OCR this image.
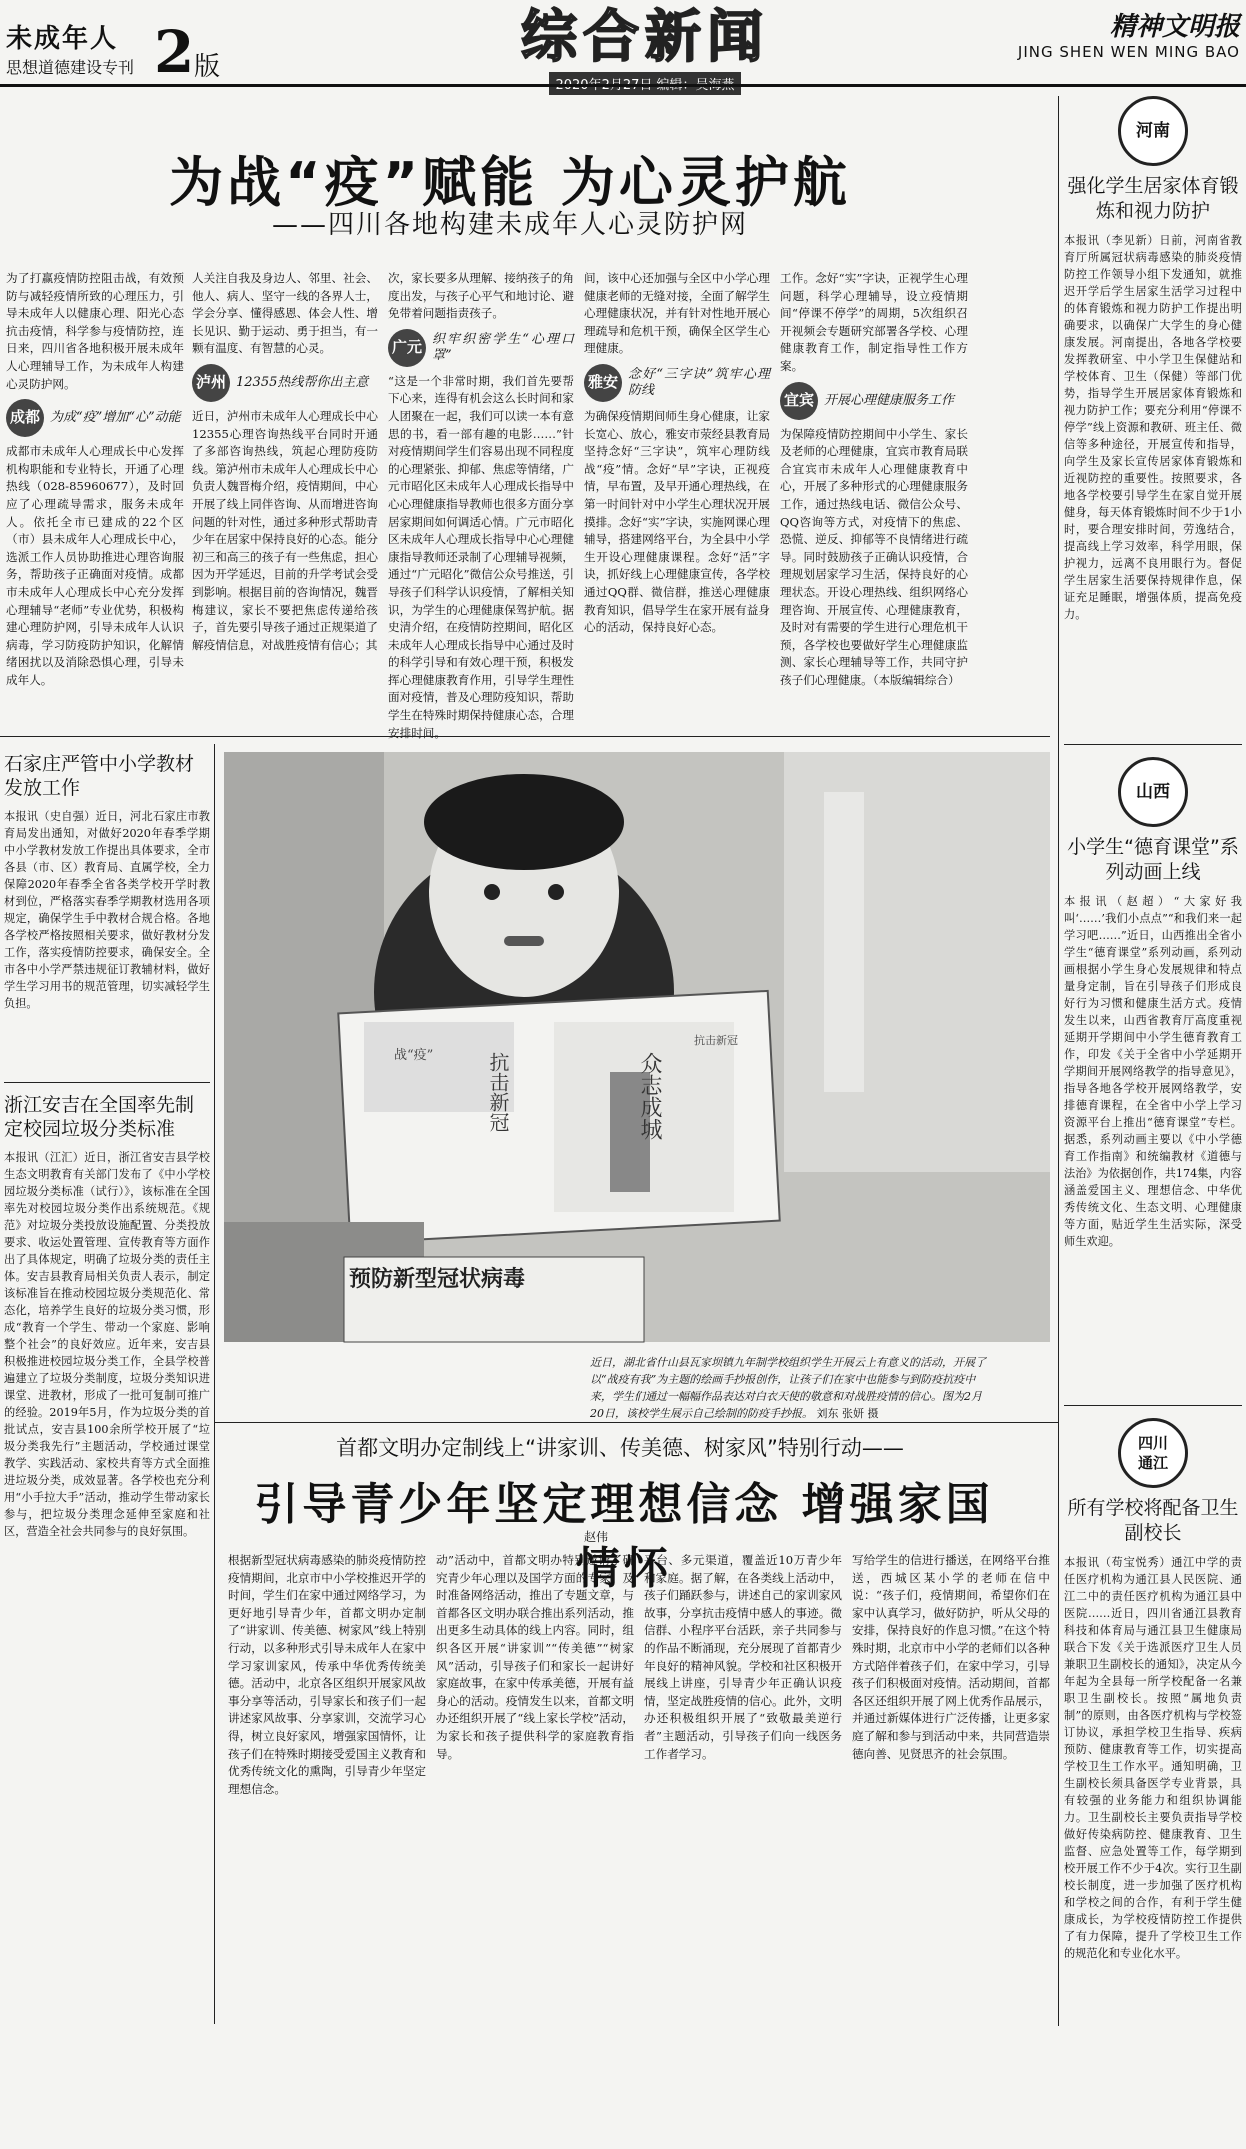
未成年人
思想道德建设专刊 2 版	综合新闻
2020年2月27日 编辑：吴海燕
精神文明报
JING SHEN WEN MING BAO
为战“疫”赋能 为心灵护航
——四川各地构建未成年人心灵防护网
为了打赢疫情防控阻击战，有效预防与减轻疫情所致的心理压力，引导未成年人以健康心理、阳光心态抗击疫情，科学参与疫情防控，连日来，四川省各地积极开展未成年人心理辅导工作，为未成年人构建心灵防护网。
成都 为成“疫”增加“心”动能
成都市未成年人心理成长中心发挥机构职能和专业特长，开通了心理热线（028-85960677），及时回应了心理疏导需求，服务未成年人。依托全市已建成的22个区（市）县未成年人心理成长中心，选派工作人员协助推进心理咨询服务，帮助孩子正确面对疫情。成都市未成年人心理成长中心充分发挥心理辅导“老师”专业优势，积极构建心理防护网，引导未成年人认识病毒，学习防疫防护知识，化解情绪困扰以及消除恐惧心理，引导未成年人。
人关注自我及身边人、邻里、社会、他人、病人、坚守一线的各界人士，学会分享、懂得感恩、体会人性、增长见识、勤于运动、勇于担当，有一颗有温度、有智慧的心灵。
泸州 12355热线帮你出主意
近日，泸州市未成年人心理成长中心12355心理咨询热线平台同时开通了多部咨询热线，筑起心理防疫防线。第泸州市未成年人心理成长中心负责人魏晋梅介绍，疫情期间，中心开展了线上同伴咨询、从而增进咨询问题的针对性，通过多种形式帮助青少年在居家中保持良好的心态。能分初三和高三的孩子有一些焦虑，担心因为开学延迟，目前的升学考试会受到影响。根据目前的咨询情况，魏晋梅建议，家长不要把焦虑传递给孩子，首先要引导孩子通过正规渠道了解疫情信息，对战胜疫情有信心；其
次，家长要多从理解、接纳孩子的角度出发，与孩子心平气和地讨论、避免带着问题指责孩子。
广元 织牢织密学生“心理口罩”
“这是一个非常时期，我们首先要帮下心来，连得有机会这么长时间和家人团聚在一起，我们可以读一本有意思的书，看一部有趣的电影……”针对疫情期间学生们容易出现不同程度的心理紧张、抑郁、焦虑等情绪，广元市昭化区未成年人心理成长指导中心心理健康指导教师也很多方面分享居家期间如何调适心情。广元市昭化区未成年人心理成长指导中心心理健康指导教师还录制了心理辅导视频，通过“广元昭化”微信公众号推送，引导孩子们科学认识疫情，了解相关知识，为学生的心理健康保驾护航。据史清介绍，在疫情防控期间，昭化区未成年人心理成长指导中心通过及时的科学引导和有效心理干预，积极发挥心理健康教育作用，引导学生理性面对疫情，普及心理防疫知识，帮助学生在特殊时期保持健康心态，合理安排时间。
间，该中心还加强与全区中小学心理健康老师的无缝对接，全面了解学生心理健康状况，并有针对性地开展心理疏导和危机干预，确保全区学生心理健康。
雅安 念好“三字诀”筑牢心理防线
为确保疫情期间师生身心健康，让家长宽心、放心，雅安市荥经县教育局坚持念好“三字诀”，筑牢心理防线战“疫”情。念好“早”字诀，正视疫情，早布置，及早开通心理热线，在第一时间针对中小学生心理状况开展摸排。念好“实”字诀，实施网课心理辅导，搭建网络平台，为全县中小学生开设心理健康课程。念好“活”字诀，抓好线上心理健康宣传，各学校通过QQ群、微信群，推送心理健康教育知识，倡导学生在家开展有益身心的活动，保持良好心态。
工作。念好“实”字诀，正视学生心理问题，科学心理辅导，设立疫情期间“停课不停学”的周期，5次组织召开视频会专题研究部署各学校、心理健康教育工作，制定指导性工作方案。
宜宾 开展心理健康服务工作
为保障疫情防控期间中小学生、家长及老师的心理健康，宜宾市教育局联合宜宾市未成年人心理健康教育中心，开展了多种形式的心理健康服务工作，通过热线电话、微信公众号、QQ咨询等方式，对疫情下的焦虑、恐慌、逆反、抑郁等不良情绪进行疏导。同时鼓励孩子正确认识疫情，合理规划居家学习生活，保持良好的心理状态。开设心理热线、组织网络心理咨询、开展宣传、心理健康教育，及时对有需要的学生进行心理危机干预，各学校也要做好学生心理健康监测、家长心理辅导等工作，共同守护孩子们心理健康。（本版编辑综合）
石家庄严管中小学教材发放工作
本报讯（史自强）近日，河北石家庄市教育局发出通知，对做好2020年春季学期中小学教材发放工作提出具体要求，全市各县（市、区）教育局、直属学校，全力保障2020年春季全省各类学校开学时教材到位，严格落实春季学期教材选用各项规定，确保学生手中教材合规合格。各地各学校严格按照相关要求，做好教材分发工作，落实疫情防控要求，确保安全。全市各中小学严禁违规征订教辅材料，做好学生学习用书的规范管理，切实减轻学生负担。
浙江安吉在全国率先制定校园垃圾分类标准
本报讯（江汇）近日，浙江省安吉县学校生态文明教育有关部门发布了《中小学校园垃圾分类标准（试行）》，该标准在全国率先对校园垃圾分类作出系统规范。《规范》对垃圾分类投放设施配置、分类投放要求、收运处置管理、宣传教育等方面作出了具体规定，明确了垃圾分类的责任主体。安吉县教育局相关负责人表示，制定该标准旨在推动校园垃圾分类规范化、常态化，培养学生良好的垃圾分类习惯，形成“教育一个学生、带动一个家庭、影响整个社会”的良好效应。近年来，安吉县积极推进校园垃圾分类工作，全县学校普遍建立了垃圾分类制度，垃圾分类知识进课堂、进教材，形成了一批可复制可推广的经验。2019年5月，作为垃圾分类的首批试点，安吉县100余所学校开展了“垃圾分类我先行”主题活动，学校通过课堂教学、实践活动、家校共育等方式全面推进垃圾分类，成效显著。各学校也充分利用“小手拉大手”活动，推动学生带动家长参与，把垃圾分类理念延伸至家庭和社区，营造全社会共同参与的良好氛围。
抗击新冠	众志成城
战“疫”
抗击新冠
预防新型冠状病毒
近日，湖北省什山县瓦家坝镇九年制学校组织学生开展云上有意义的活动，开展了以“战疫有我”为主题的绘画手抄报创作，让孩子们在家中也能参与到防疫抗疫中来，学生们通过一幅幅作品表达对白衣天使的敬意和对战胜疫情的信心。图为2月20日，该校学生展示自己绘制的防疫手抄报。 刘东 张妍 摄
首都文明办定制线上“讲家训、传美德、树家风”特别行动——
引导青少年坚定理想信念 增强家国情怀
赵伟
根据新型冠状病毒感染的肺炎疫情防控疫情期间，北京市中小学校推迟开学的时间，学生们在家中通过网络学习，为更好地引导青少年，首都文明办定制了“讲家训、传美德、树家风”线上特别行动，以多种形式引导未成年人在家中学习家训家风，传承中华优秀传统美德。活动中，北京各区组织开展家风故事分享等活动，引导家长和孩子们一起讲述家风故事、分享家训，交流学习心得，树立良好家风，增强家国情怀，让孩子们在特殊时期接受爱国主义教育和优秀传统文化的熏陶，引导青少年坚定理想信念。
动”活动中，首都文明办特别邀请了研究青少年心理以及国学方面的专家，及时准备网络活动，推出了专题文章，与首都各区文明办联合推出系列活动，推出更多生动具体的线上内容。同时，组织各区开展“讲家训”“传美德”“树家风”活动，引导孩子们和家长一起讲好家庭故事，在家中传承美德，开展有益身心的活动。疫情发生以来，首都文明办还组织开展了“线上家长学校”活动，为家长和孩子提供科学的家庭教育指导。
平台、多元渠道，覆盖近10万青少年和家庭。据了解，在各类线上活动中，孩子们踊跃参与，讲述自己的家训家风故事，分享抗击疫情中感人的事迹。微信群、小程序平台活跃，亲子共同参与的作品不断涌现，充分展现了首都青少年良好的精神风貌。学校和社区积极开展线上讲座，引导青少年正确认识疫情，坚定战胜疫情的信心。此外，文明办还积极组织开展了“致敬最美逆行者”主题活动，引导孩子们向一线医务工作者学习。
写给学生的信进行播送，在网络平台推送，西城区某小学的老师在信中说：“孩子们，疫情期间，希望你们在家中认真学习，做好防护，听从父母的安排，保持良好的作息习惯。”在这个特殊时期，北京市中小学的老师们以各种方式陪伴着孩子们，在家中学习，引导孩子们积极面对疫情。活动期间，首都各区还组织开展了网上优秀作品展示，并通过新媒体进行广泛传播，让更多家庭了解和参与到活动中来，共同营造崇德向善、见贤思齐的社会氛围。
河南
强化学生居家体育锻炼和视力防护
本报讯（李见新）日前，河南省教育厅所属冠状病毒感染的肺炎疫情防控工作领导小组下发通知，就推迟开学后学生居家生活学习过程中的体育锻炼和视力防护工作提出明确要求，以确保广大学生的身心健康发展。河南提出，各地各学校要发挥教研室、中小学卫生保健站和学校体育、卫生（保健）等部门优势，指导学生开展居家体育锻炼和视力防护工作；要充分利用“停课不停学”线上资源和教研、班主任、微信等多种途径，开展宣传和指导，向学生及家长宣传居家体育锻炼和近视防控的重要性。按照要求，各地各学校要引导学生在家自觉开展健身，每天体育锻炼时间不少于1小时，要合理安排时间，劳逸结合，提高线上学习效率，科学用眼，保护视力，远离不良用眼行为。督促学生居家生活要保持规律作息，保证充足睡眠，增强体质，提高免疫力。
山西
小学生“德育课堂”系列动画上线
本报讯（赵超）“大家好我叫‘……’我们小点点”“和我们来一起学习吧……”近日，山西推出全省小学生“德育课堂”系列动画，系列动画根据小学生身心发展规律和特点量身定制，旨在引导孩子们形成良好行为习惯和健康生活方式。疫情发生以来，山西省教育厅高度重视延期开学期间中小学生德育教育工作，印发《关于全省中小学延期开学期间开展网络教学的指导意见》，指导各地各学校开展网络教学，安排德育课程，在全省中小学上学习资源平台上推出“德育课堂”专栏。据悉，系列动画主要以《中小学德育工作指南》和统编教材《道德与法治》为依据创作，共174集，内容涵盖爱国主义、理想信念、中华优秀传统文化、生态文明、心理健康等方面，贴近学生生活实际，深受师生欢迎。
四川
通江
所有学校将配备卫生副校长
本报讯（苟宝悦秀）通江中学的责任医疗机构为通江县人民医院、通江二中的责任医疗机构为通江县中医院……近日，四川省通江县教育科技和体育局与通江县卫生健康局联合下发《关于选派医疗卫生人员兼职卫生副校长的通知》，决定从今年起为全县每一所学校配备一名兼职卫生副校长。按照“属地负责制”的原则，由各医疗机构与学校签订协议，承担学校卫生指导、疾病预防、健康教育等工作，切实提高学校卫生工作水平。通知明确，卫生副校长须具备医学专业背景，具有较强的业务能力和组织协调能力。卫生副校长主要负责指导学校做好传染病防控、健康教育、卫生监督、应急处置等工作，每学期到校开展工作不少于4次。实行卫生副校长制度，进一步加强了医疗机构和学校之间的合作，有利于学生健康成长，为学校疫情防控工作提供了有力保障，提升了学校卫生工作的规范化和专业化水平。
